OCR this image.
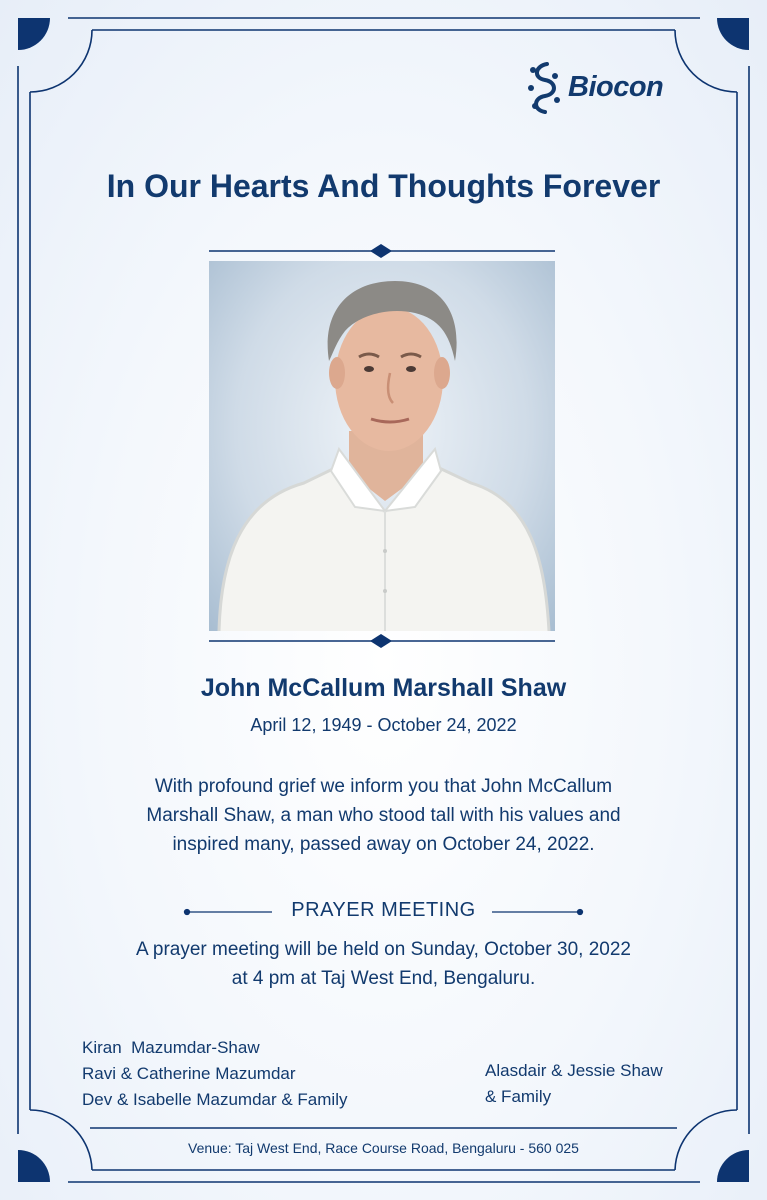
Biocon
In Our Hearts And Thoughts Forever
John McCallum Marshall Shaw
April 12, 1949 - October 24, 2022
With profound grief we inform you that John McCallum
Marshall Shaw, a man who stood tall with his values and
inspired many, passed away on October 24, 2022.
PRAYER MEETING
A prayer meeting will be held on Sunday, October 30, 2022
at 4 pm at Taj West End, Bengaluru.
Kiran  Mazumdar-Shaw
Ravi & Catherine Mazumdar
Dev & Isabelle Mazumdar & Family
Alasdair & Jessie Shaw
& Family
Venue: Taj West End, Race Course Road, Bengaluru - 560 025
